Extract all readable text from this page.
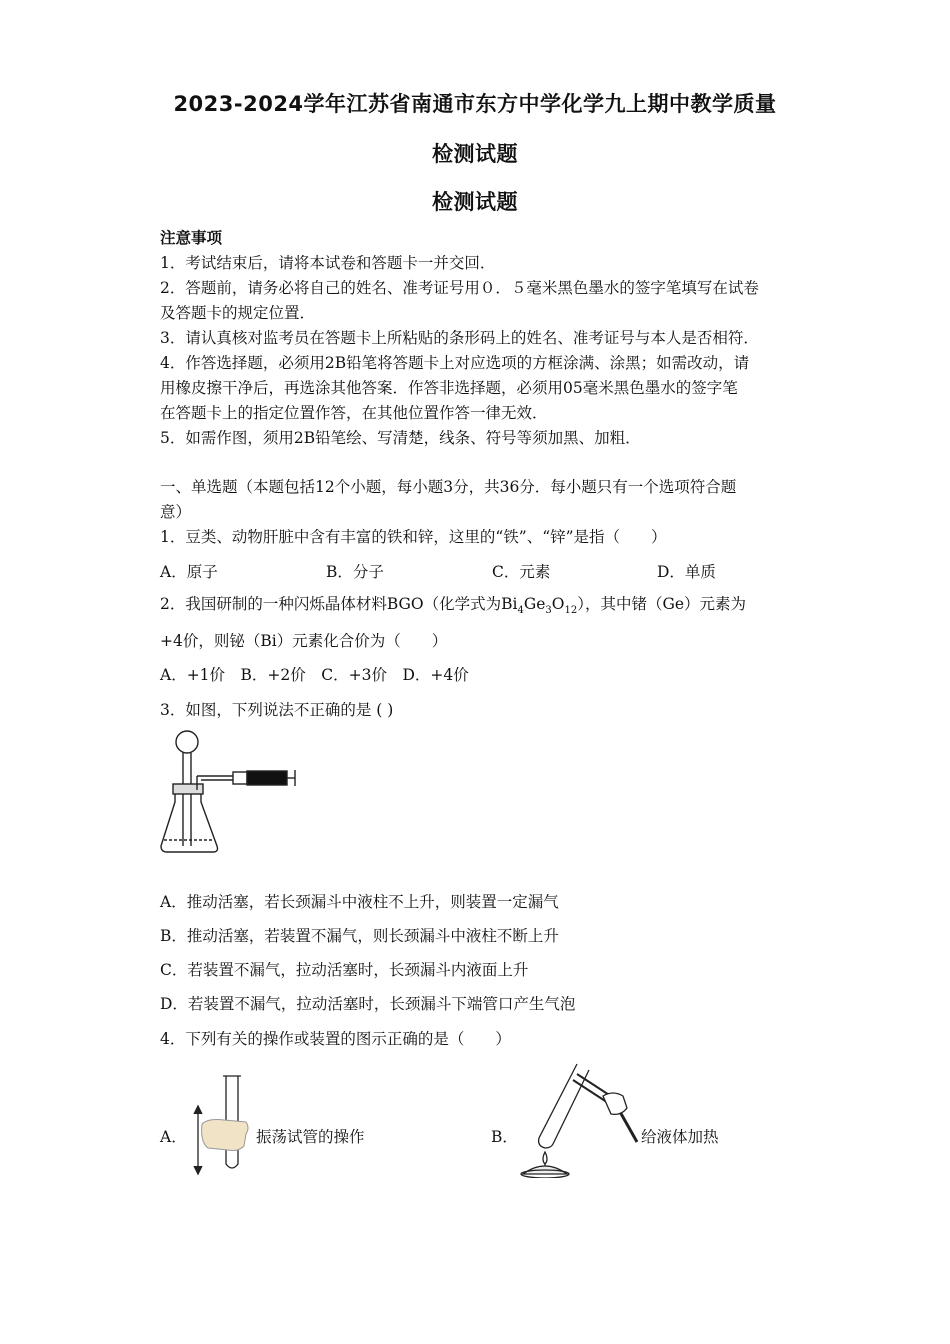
2023-2024学年江苏省南通市东方中学化学九上期中教学质量
检测试题
检测试题
注意事项
1．考试结束后，请将本试卷和答题卡一并交回．
2．答题前，请务必将自己的姓名、准考证号用０．５毫米黑色墨水的签字笔填写在试卷
及答题卡的规定位置．
3．请认真核对监考员在答题卡上所粘贴的条形码上的姓名、准考证号与本人是否相符．
4．作答选择题，必须用2B铅笔将答题卡上对应选项的方框涂满、涂黑；如需改动，请
用橡皮擦干净后，再选涂其他答案．作答非选择题，必须用05毫米黑色墨水的签字笔
在答题卡上的指定位置作答，在其他位置作答一律无效．
5．如需作图，须用2B铅笔绘、写清楚，线条、符号等须加黑、加粗．
一、单选题（本题包括12个小题，每小题3分，共36分．每小题只有一个选项符合题
意）
1．豆类、动物肝脏中含有丰富的铁和锌，这里的“铁”、“锌”是指（　　）
A．原子	B．分子	C．元素	D．单质
2．我国研制的一种闪烁晶体材料BGO（化学式为$Bi_4Ge_3O_{12}$），其中锗（Ge）元素为
+4价，则铋（Bi）元素化合价为（　　）
A．+1价　B．+2价　C．+3价　D．+4价
3．如图，下列说法不正确的是 ( )
A．推动活塞，若长颈漏斗中液柱不上升，则装置一定漏气
B．推动活塞，若装置不漏气，则长颈漏斗中液柱不断上升
C．若装置不漏气，拉动活塞时，长颈漏斗内液面上升
D．若装置不漏气，拉动活塞时，长颈漏斗下端管口产生气泡
4．下列有关的操作或装置的图示正确的是（　　）
A．	振荡试管的操作	B．	给液体加热
